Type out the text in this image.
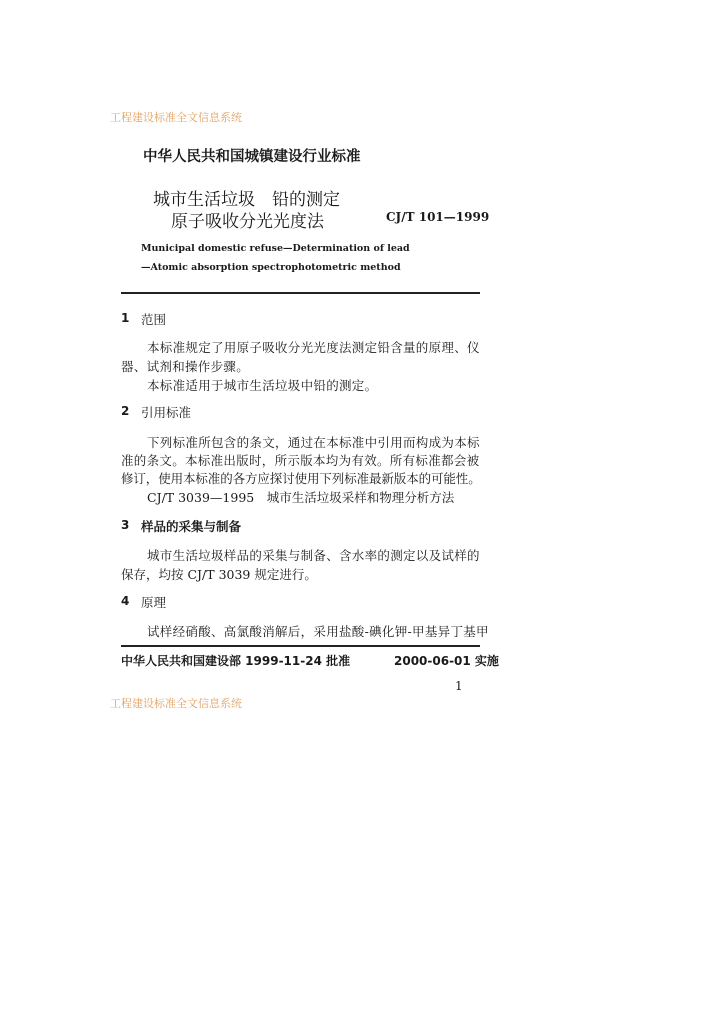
工程建设标准全文信息系统
中华人民共和国城镇建设行业标准
城市生活垃圾　铅的测定
原子吸收分光光度法	CJ/T 101—1999
Municipal domestic refuse—Determination of lead
—Atomic absorption spectrophotometric method
1 范围
本标准规定了用原子吸收分光光度法测定铅含量的原理、仪
器、试剂和操作步骤。
本标准适用于城市生活垃圾中铅的测定。
2 引用标准
下列标准所包含的条文，通过在本标准中引用而构成为本标
准的条文。本标准出版时，所示版本均为有效。所有标准都会被
修订，使用本标准的各方应探讨使用下列标准最新版本的可能性。
CJ/T 3039—1995　城市生活垃圾采样和物理分析方法
3 样品的采集与制备
城市生活垃圾样品的采集与制备、含水率的测定以及试样的
保存，均按 CJ/T 3039 规定进行。
4 原理
试样经硝酸、高氯酸消解后，采用盐酸-碘化钾-甲基异丁基甲
中华人民共和国建设部 1999-11-24 批准	2000-06-01 实施
1
工程建设标准全文信息系统
